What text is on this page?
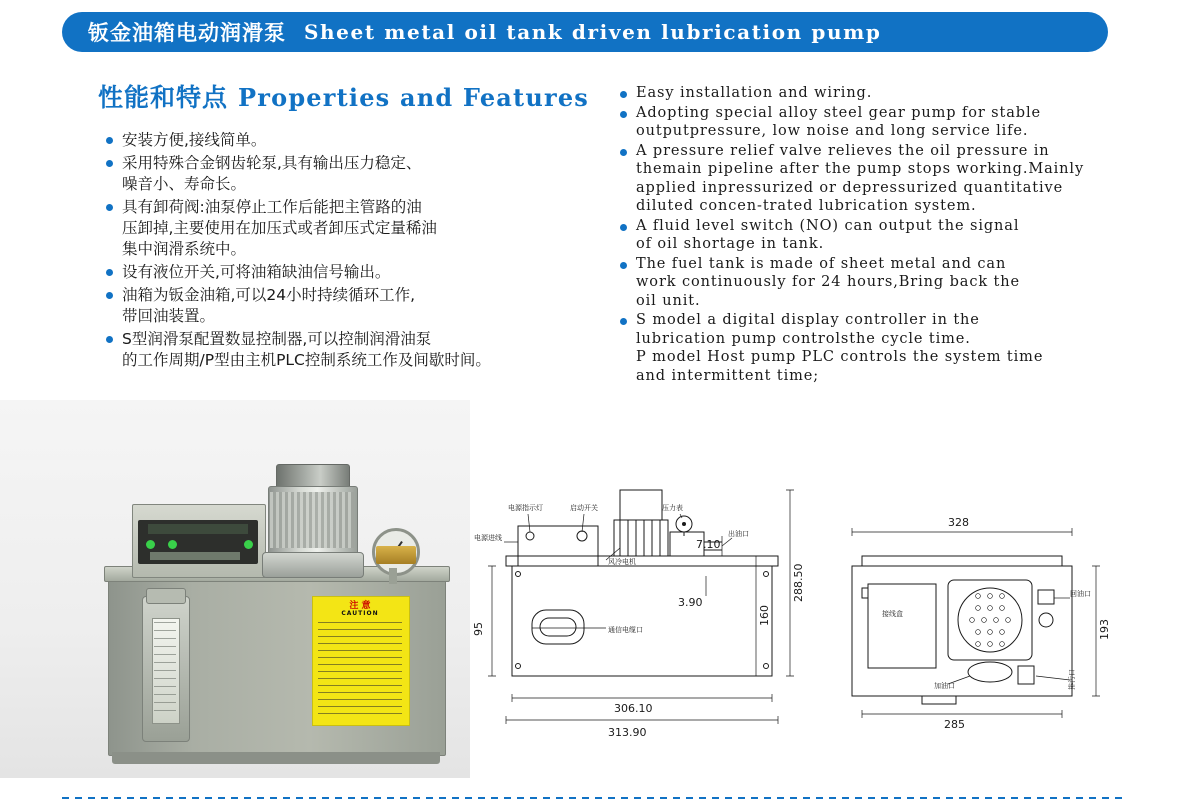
钣金油箱电动润滑泵 Sheet metal oil tank driven lubrication pump
性能和特点 Properties and Features
安装方便,接线简单。
采用特殊合金钢齿轮泵,具有输出压力稳定、
噪音小、寿命长。
具有卸荷阀:油泵停止工作后能把主管路的油
压卸掉,主要使用在加压式或者卸压式定量稀油
集中润滑系统中。
设有液位开关,可将油箱缺油信号输出。
油箱为钣金油箱,可以24小时持续循环工作,
带回油装置。
S型润滑泵配置数显控制器,可以控制润滑油泵
的工作周期/P型由主机PLC控制系统工作及间歇时间。
Easy installation and wiring.
Adopting special alloy steel gear pump for stable
outputpressure, low noise and long service life.
A pressure relief valve relieves the oil pressure in
themain pipeline after the pump stops working.Mainly
applied inpressurized or depressurized quantitative
diluted concen-trated lubrication system.
A fluid level switch (NO) can output the signal
of oil shortage in tank.
The fuel tank is made of sheet metal and can
work continuously for 24 hours,Bring back the
oil unit.
S model a digital display controller in the
lubrication pump controlsthe cycle time.
P model Host pump PLC controls the system time
and intermittent time;
注 意
CAUTION
电源指示灯	启动开关
电源进线
风冷电机
通信电缆口
压力表
出油口
95
288.50
160
7.10
3.90
306.10
313.90
接线盒
回油口
加油口	排污口
328
193
285
